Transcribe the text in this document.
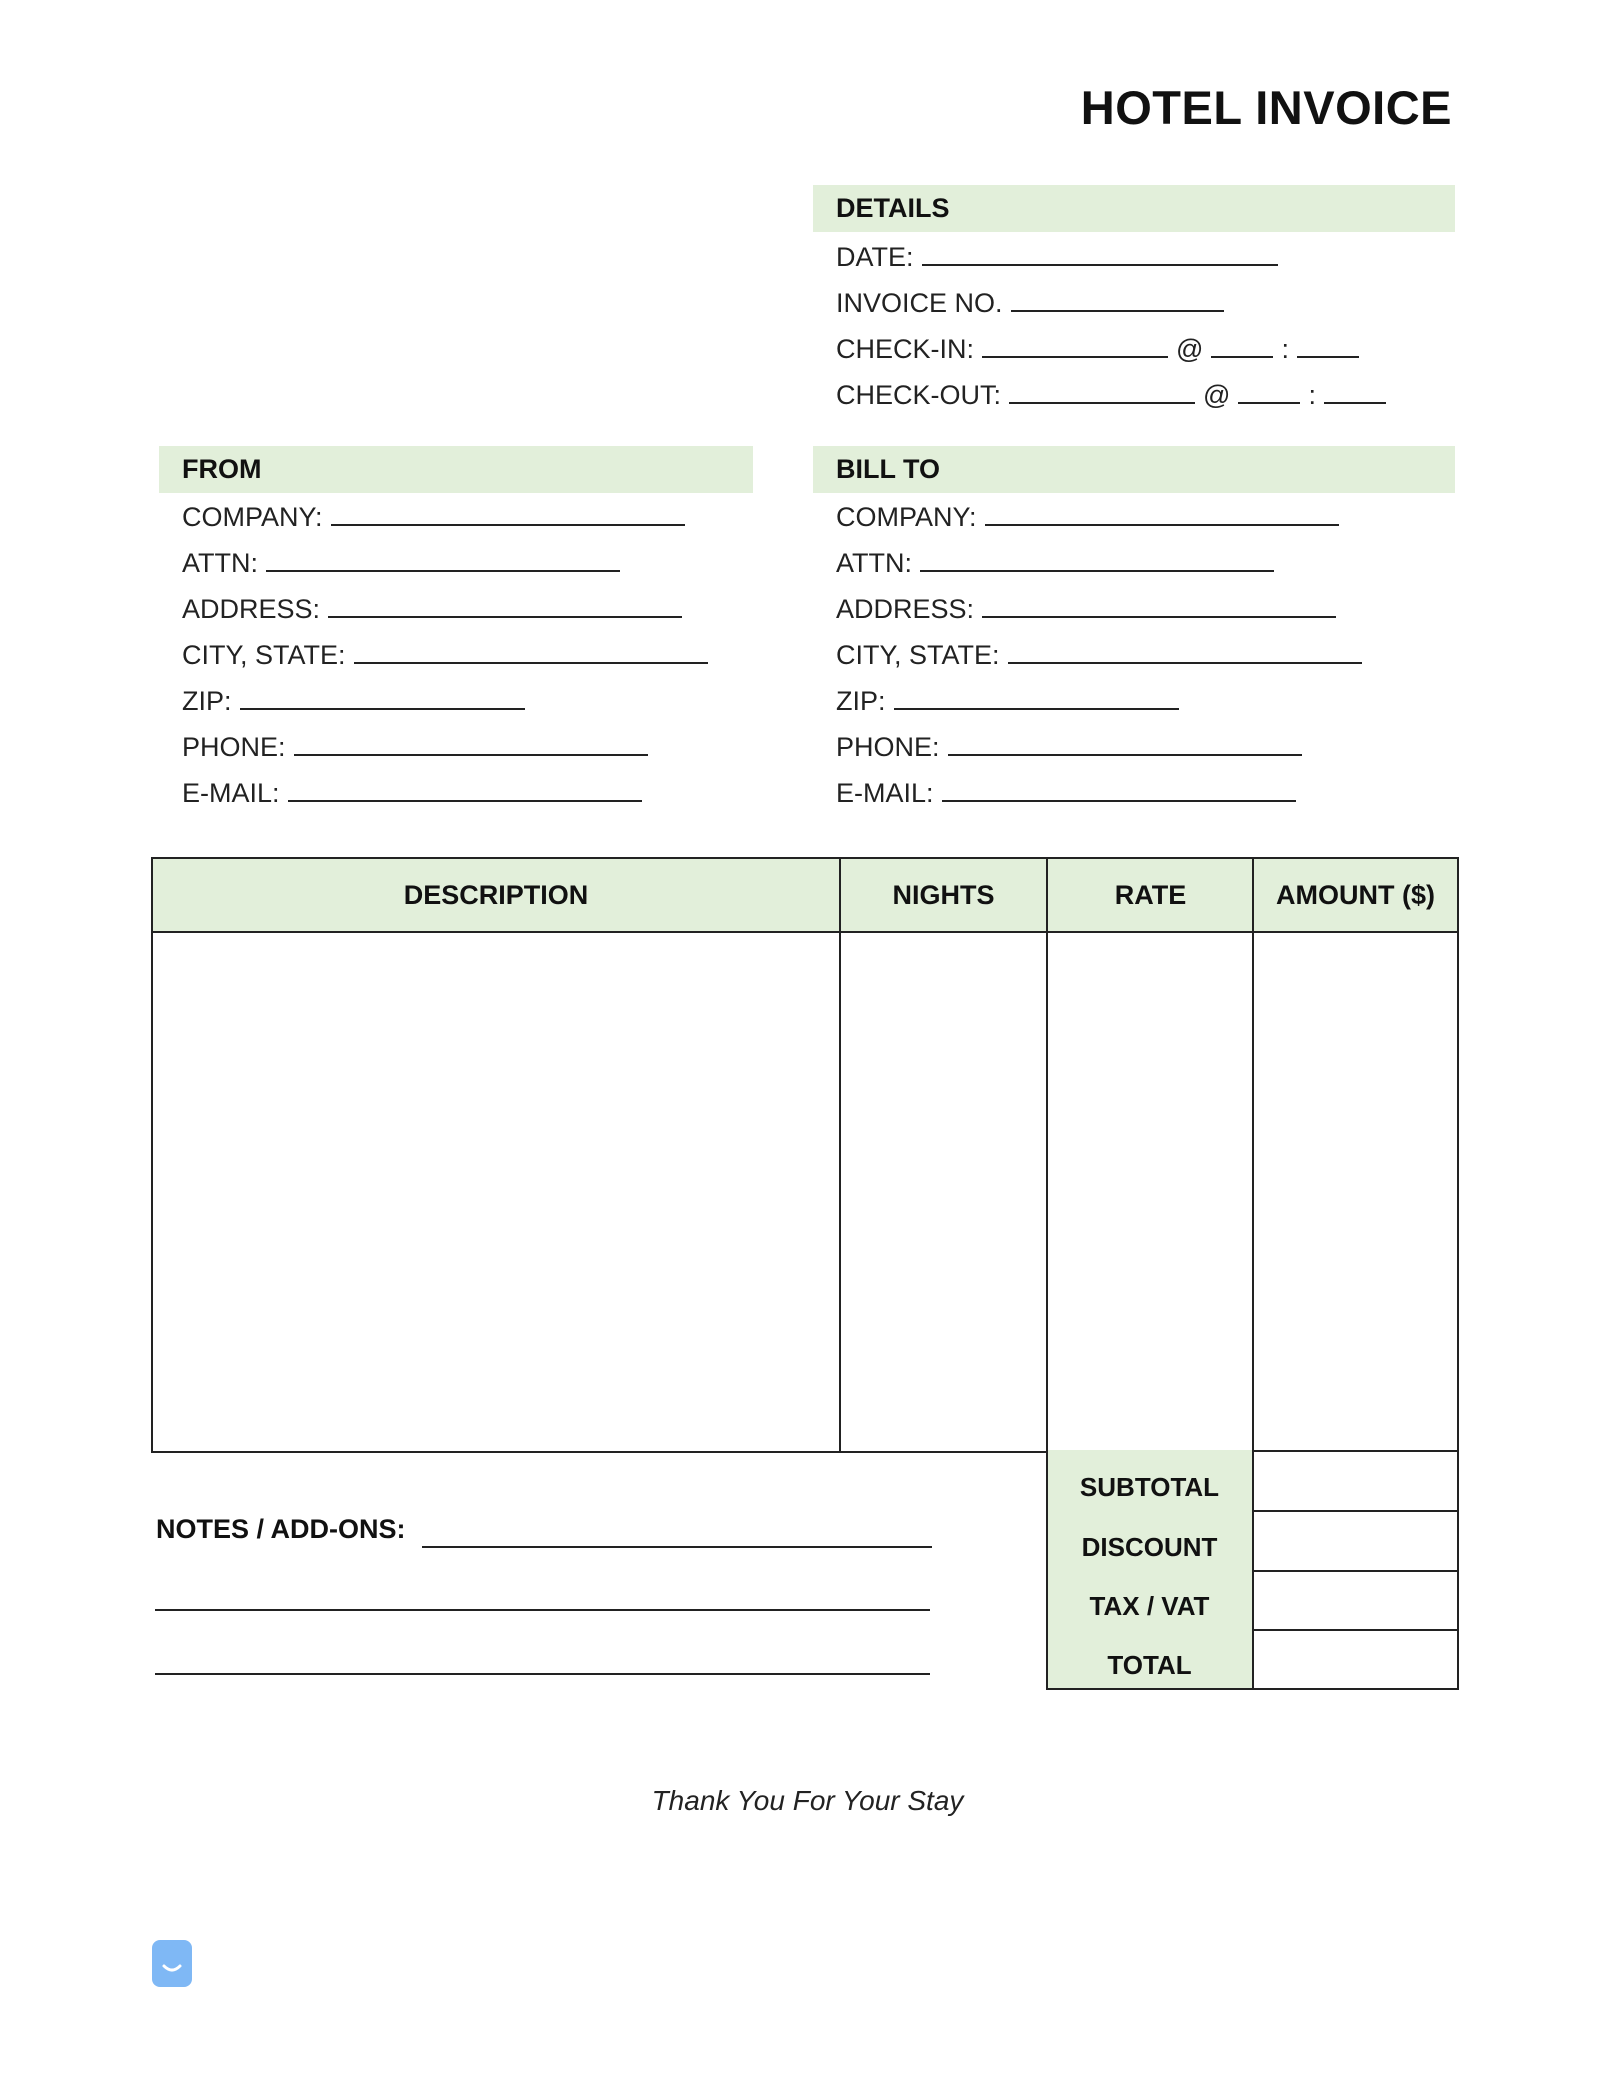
HOTEL INVOICE
DETAILS
DATE:
INVOICE NO.
CHECK-IN:	@	:
CHECK-OUT:	@	:
FROM
COMPANY:
ATTN:
ADDRESS:
CITY, STATE:
ZIP:
PHONE:
E-MAIL:
BILL TO
COMPANY:
ATTN:
ADDRESS:
CITY, STATE:
ZIP:
PHONE:
E-MAIL:
DESCRIPTION	NIGHTS	RATE	AMOUNT ($)
SUBTOTAL
DISCOUNT
TAX / VAT
TOTAL
NOTES / ADD-ONS:
Thank You For Your Stay
